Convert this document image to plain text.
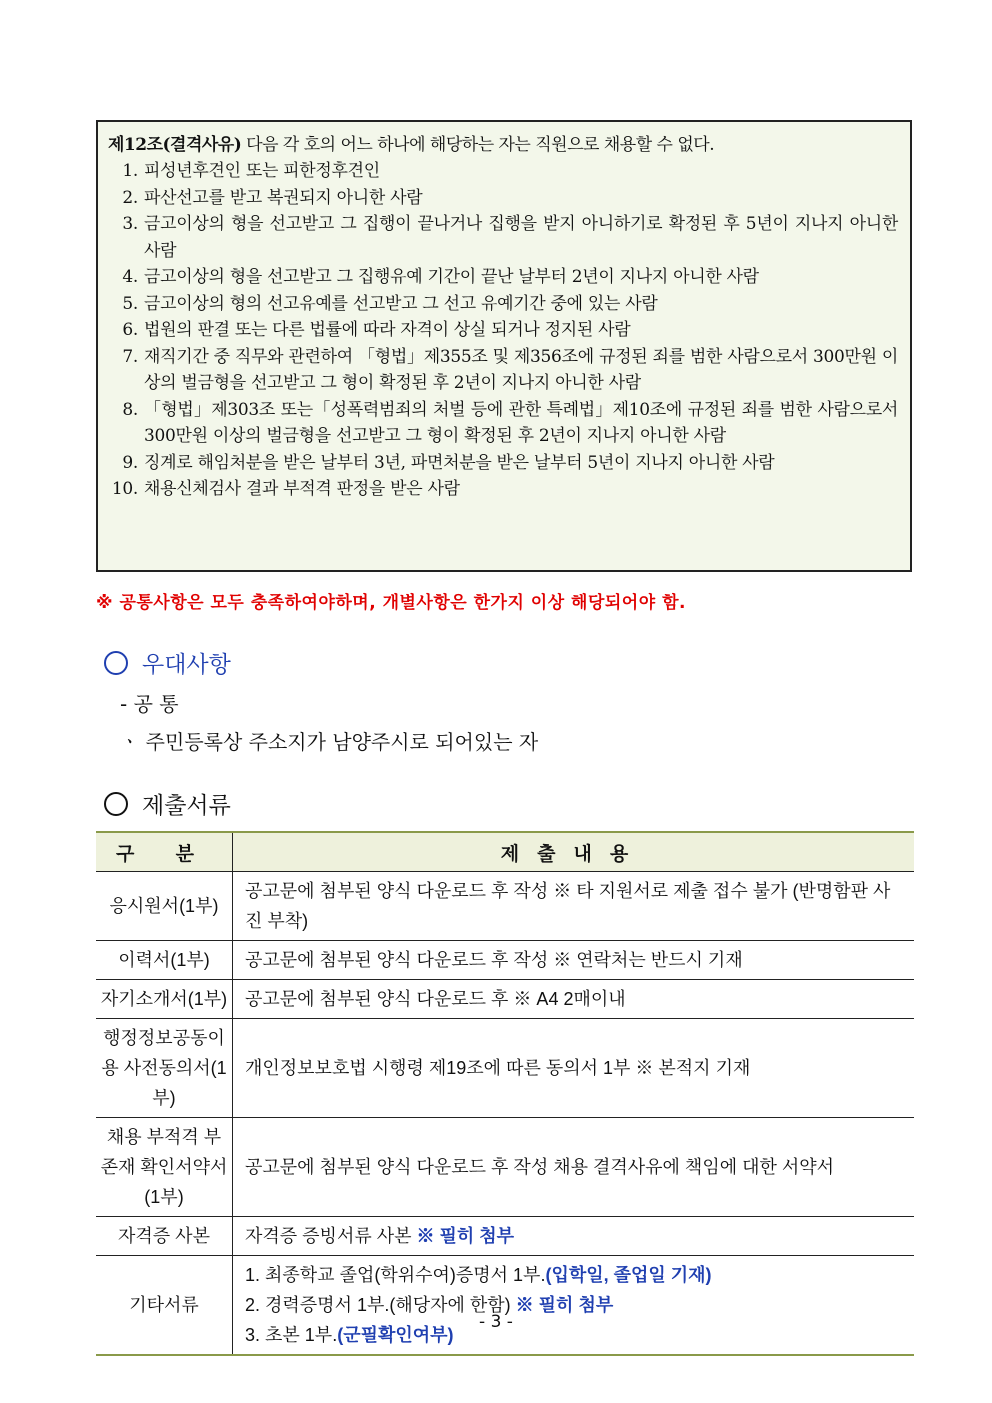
제12조(결격사유) 다음 각 호의 어느 하나에 해당하는 자는 직원으로 채용할 수 없다.
1. 피성년후견인 또는 피한정후견인
2. 파산선고를 받고 복권되지 아니한 사람
3. 금고이상의 형을 선고받고 그 집행이 끝나거나 집행을 받지 아니하기로 확정된 후 5년이 지나지 아니한 사람
4. 금고이상의 형을 선고받고 그 집행유예 기간이 끝난 날부터 2년이 지나지 아니한 사람
5. 금고이상의 형의 선고유예를 선고받고 그 선고 유예기간 중에 있는 사람
6. 법원의 판결 또는 다른 법률에 따라 자격이 상실 되거나 정지된 사람
7. 재직기간 중 직무와 관련하여 「형법」제355조 및 제356조에 규정된 죄를 범한 사람으로서 300만원 이상의 벌금형을 선고받고 그 형이 확정된 후 2년이 지나지 아니한 사람
8. 「형법」제303조 또는「성폭력범죄의 처벌 등에 관한 특례법」제10조에 규정된 죄를 범한 사람으로서 300만원 이상의 벌금형을 선고받고 그 형이 확정된 후 2년이 지나지 아니한 사람
9. 징계로 해임처분을 받은 날부터 3년, 파면처분을 받은 날부터 5년이 지나지 아니한 사람
10. 채용신체검사 결과 부적격 판정을 받은 사람
※ 공통사항은 모두 충족하여야하며, 개별사항은 한가지 이상 해당되어야 함.
우대사항
- 공 통
ㆍ 주민등록상 주소지가 남양주시로 되어있는 자
제출서류
구 분	제출내용
응시원서(1부)	공고문에 첨부된 양식 다운로드 후 작성 ※ 타 지원서로 제출 접수 불가 (반명함판 사진 부착)
이력서(1부)	공고문에 첨부된 양식 다운로드 후 작성 ※ 연락처는 반드시 기재
자기소개서(1부)	공고문에 첨부된 양식 다운로드 후 ※ A4 2매이내
행정정보공동이용 사전동의서(1부)	개인정보보호법 시행령 제19조에 따른 동의서 1부 ※ 본적지 기재
채용 부적격 부존재 확인서약서(1부)	공고문에 첨부된 양식 다운로드 후 작성 채용 결격사유에 책임에 대한 서약서
자격증 사본	자격증 증빙서류 사본 ※ 필히 첨부
기타서류	1. 최종학교 졸업(학위수여)증명서 1부.(입학일, 졸업일 기재)
2. 경력증명서 1부.(해당자에 한함) ※ 필히 첨부
3. 초본 1부.(군필확인여부)
- 3 -
